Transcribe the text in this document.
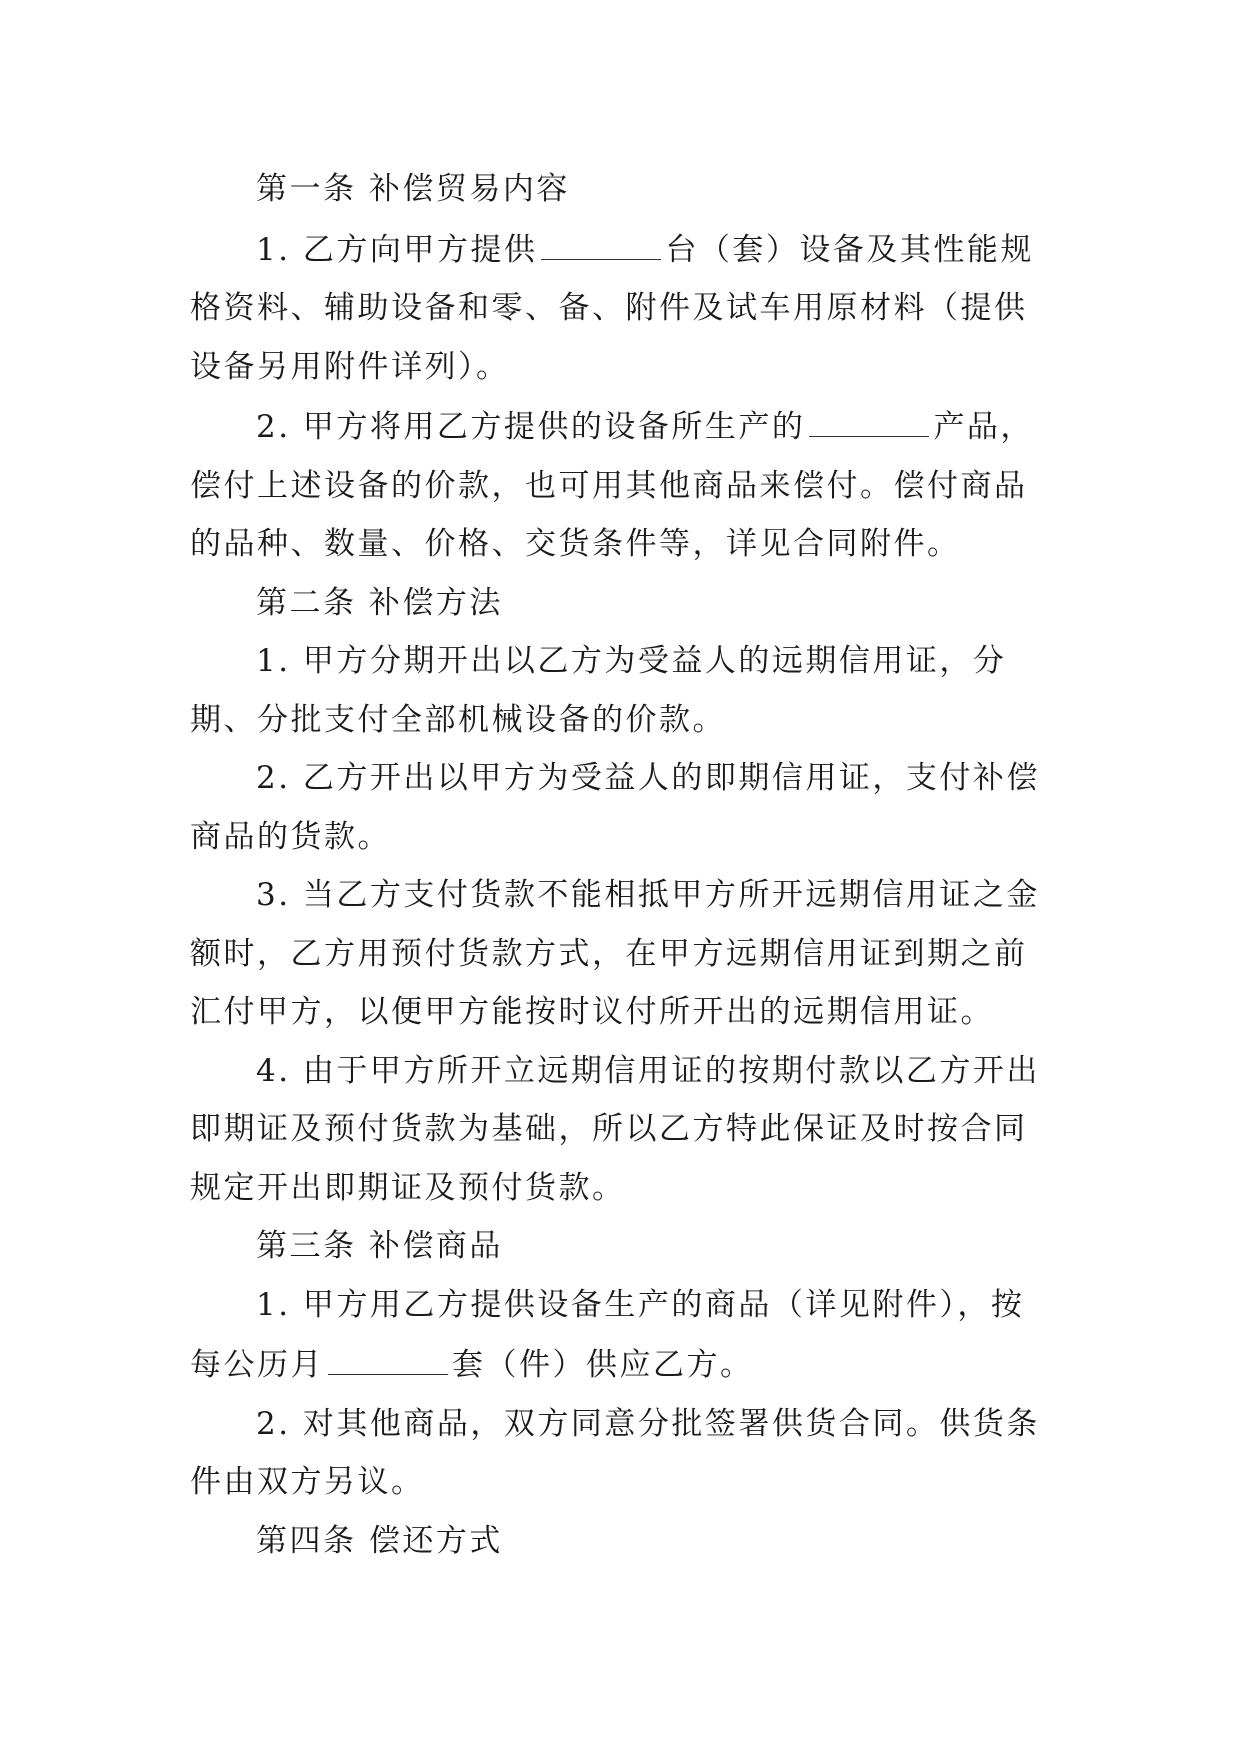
第一条 补偿贸易内容

1. 乙方向甲方提供	台（套）设备及其性能规格资料、辅助设备和零、备、附件及试车用原材料（提供设备另用附件详列）。

2. 甲方将用乙方提供的设备所生产的	产品，偿付上述设备的价款，也可用其他商品来偿付。偿付商品的品种、数量、价格、交货条件等，详见合同附件。

第二条 补偿方法

1. 甲方分期开出以乙方为受益人的远期信用证，分期、分批支付全部机械设备的价款。

2. 乙方开出以甲方为受益人的即期信用证，支付补偿商品的货款。

3. 当乙方支付货款不能相抵甲方所开远期信用证之金额时，乙方用预付货款方式，在甲方远期信用证到期之前汇付甲方，以便甲方能按时议付所开出的远期信用证。

4. 由于甲方所开立远期信用证的按期付款以乙方开出即期证及预付货款为基础，所以乙方特此保证及时按合同规定开出即期证及预付货款。

第三条 补偿商品

1. 甲方用乙方提供设备生产的商品（详见附件），按每公历月	套（件）供应乙方。

2. 对其他商品，双方同意分批签署供货合同。供货条件由双方另议。

第四条 偿还方式
